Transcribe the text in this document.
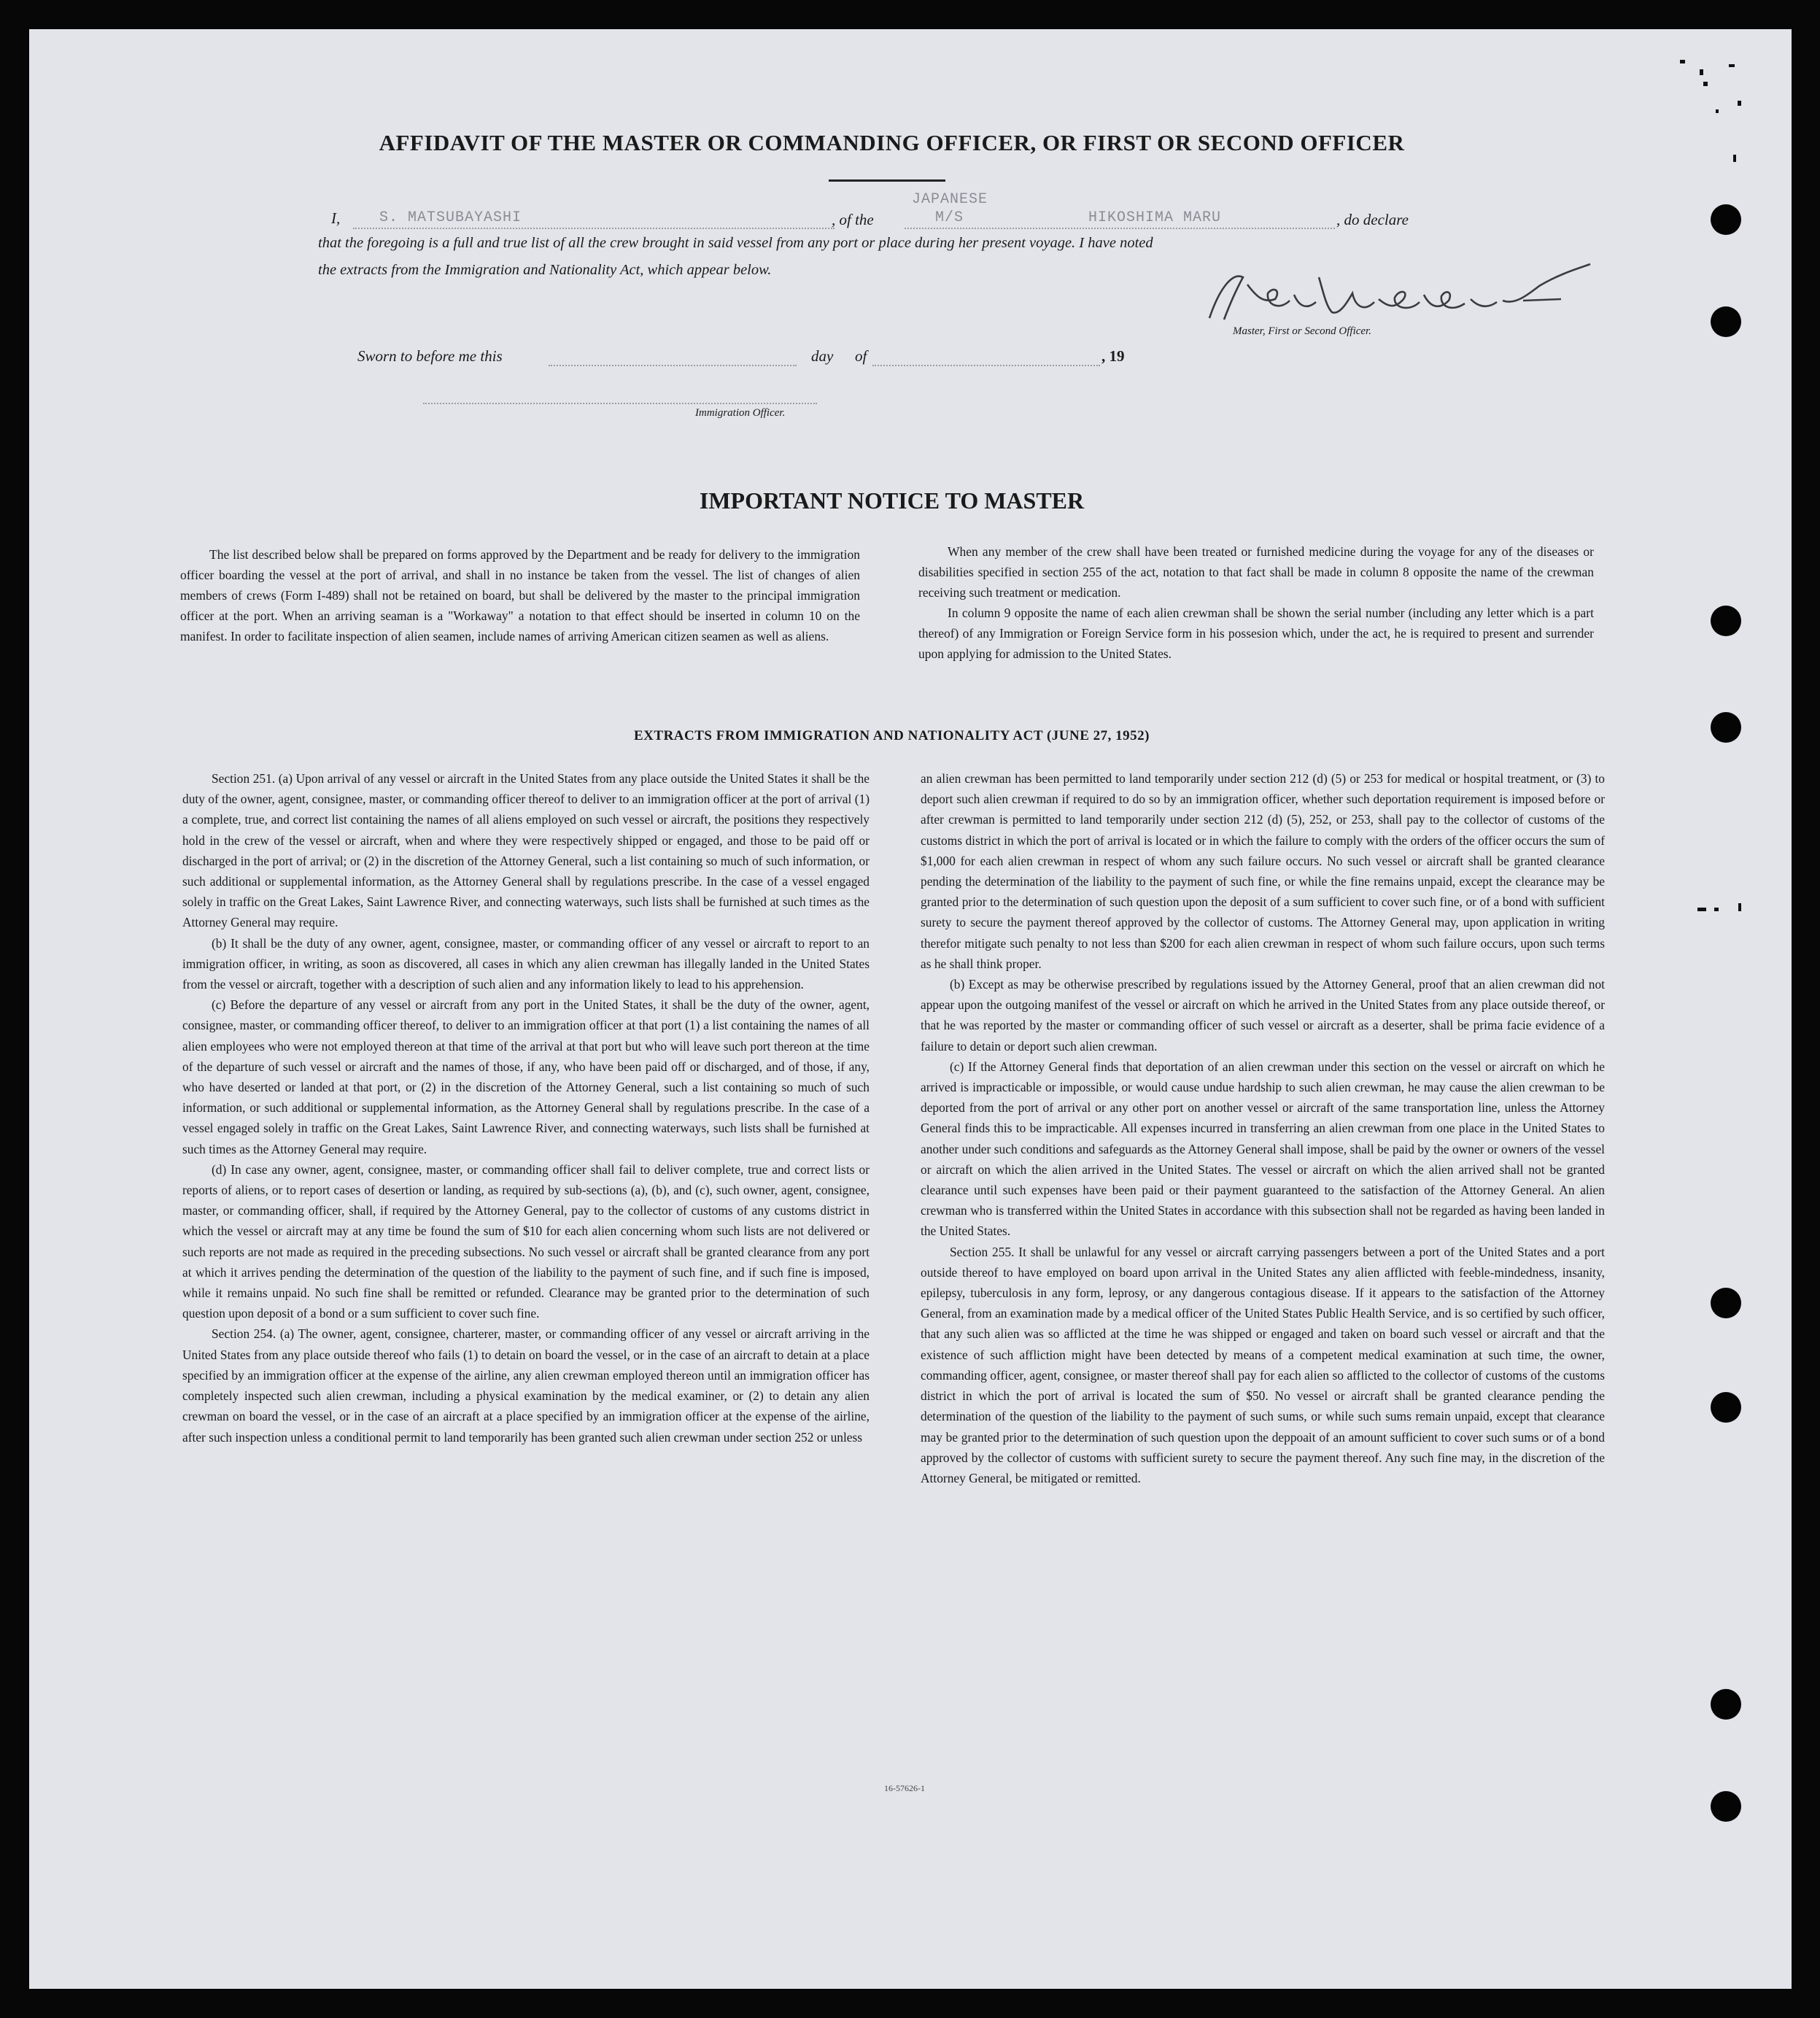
AFFIDAVIT OF THE MASTER OR COMMANDING OFFICER, OR FIRST OR SECOND OFFICER
I,	S. MATSUBAYASHI	, of the
JAPANESE
M/S	HIKOSHIMA MARU	, do declare
that the foregoing is a full and true list of all the crew brought in said vessel from any port or place during her present voyage. I have noted
the extracts from the Immigration and Nationality Act, which appear below.
Master, First or Second Officer.
Sworn to before me this	day of	, 19
Immigration Officer.
IMPORTANT NOTICE TO MASTER

The list described below shall be prepared on forms approved by the Department and be ready for delivery to the immigration officer boarding the vessel at the port of arrival, and shall in no instance be taken from the vessel. The list of changes of alien members of crews (Form I-489) shall not be retained on board, but shall be delivered by the master to the principal immigration officer at the port. When an arriving seaman is a "Workaway" a notation to that effect should be inserted in column 10 on the manifest. In order to facilitate inspection of alien seamen, include names of arriving American citizen seamen as well as aliens.

When any member of the crew shall have been treated or furnished medicine during the voyage for any of the diseases or disabilities specified in section 255 of the act, notation to that fact shall be made in column 8 opposite the name of the crewman receiving such treatment or medication.

In column 9 opposite the name of each alien crewman shall be shown the serial number (including any letter which is a part thereof) of any Immigration or Foreign Service form in his possesion which, under the act, he is required to present and surrender upon applying for admission to the United States.

EXTRACTS FROM IMMIGRATION AND NATIONALITY ACT (JUNE 27, 1952)

Section 251. (a) Upon arrival of any vessel or aircraft in the United States from any place outside the United States it shall be the duty of the owner, agent, consignee, master, or commanding officer thereof to deliver to an immigration officer at the port of arrival (1) a complete, true, and correct list containing the names of all aliens employed on such vessel or aircraft, the positions they respectively hold in the crew of the vessel or aircraft, when and where they were respectively shipped or engaged, and those to be paid off or discharged in the port of arrival; or (2) in the discretion of the Attorney General, such a list containing so much of such information, or such additional or supplemental information, as the Attorney General shall by regulations prescribe. In the case of a vessel engaged solely in traffic on the Great Lakes, Saint Lawrence River, and connecting waterways, such lists shall be furnished at such times as the Attorney General may require.

(b) It shall be the duty of any owner, agent, consignee, master, or commanding officer of any vessel or aircraft to report to an immigration officer, in writing, as soon as discovered, all cases in which any alien crewman has illegally landed in the United States from the vessel or aircraft, together with a description of such alien and any information likely to lead to his apprehension.

(c) Before the departure of any vessel or aircraft from any port in the United States, it shall be the duty of the owner, agent, consignee, master, or commanding officer thereof, to deliver to an immigration officer at that port (1) a list containing the names of all alien employees who were not employed thereon at that time of the arrival at that port but who will leave such port thereon at the time of the departure of such vessel or aircraft and the names of those, if any, who have been paid off or discharged, and of those, if any, who have deserted or landed at that port, or (2) in the discretion of the Attorney General, such a list containing so much of such information, or such additional or supplemental information, as the Attorney General shall by regulations prescribe. In the case of a vessel engaged solely in traffic on the Great Lakes, Saint Lawrence River, and connecting waterways, such lists shall be furnished at such times as the Attorney General may require.

(d) In case any owner, agent, consignee, master, or commanding officer shall fail to deliver complete, true and correct lists or reports of aliens, or to report cases of desertion or landing, as required by sub-sections (a), (b), and (c), such owner, agent, consignee, master, or commanding officer, shall, if required by the Attorney General, pay to the collector of customs of any customs district in which the vessel or aircraft may at any time be found the sum of $10 for each alien concerning whom such lists are not delivered or such reports are not made as required in the preceding subsections. No such vessel or aircraft shall be granted clearance from any port at which it arrives pending the determination of the question of the liability to the payment of such fine, and if such fine is imposed, while it remains unpaid. No such fine shall be remitted or refunded. Clearance may be granted prior to the determination of such question upon deposit of a bond or a sum sufficient to cover such fine.

Section 254. (a) The owner, agent, consignee, charterer, master, or commanding officer of any vessel or aircraft arriving in the United States from any place outside thereof who fails (1) to detain on board the vessel, or in the case of an aircraft to detain at a place specified by an immigration officer at the expense of the airline, any alien crewman employed thereon until an immigration officer has completely inspected such alien crewman, including a physical examination by the medical examiner, or (2) to detain any alien crewman on board the vessel, or in the case of an aircraft at a place specified by an immigration officer at the expense of the airline, after such inspection unless a conditional permit to land temporarily has been granted such alien crewman under section 252 or unless

an alien crewman has been permitted to land temporarily under section 212 (d) (5) or 253 for medical or hospital treatment, or (3) to deport such alien crewman if required to do so by an immigration officer, whether such deportation requirement is imposed before or after crewman is permitted to land temporarily under section 212 (d) (5), 252, or 253, shall pay to the collector of customs of the customs district in which the port of arrival is located or in which the failure to comply with the orders of the officer occurs the sum of $1,000 for each alien crewman in respect of whom any such failure occurs. No such vessel or aircraft shall be granted clearance pending the determination of the liability to the payment of such fine, or while the fine remains unpaid, except the clearance may be granted prior to the determination of such question upon the deposit of a sum sufficient to cover such fine, or of a bond with sufficient surety to secure the payment thereof approved by the collector of customs. The Attorney General may, upon application in writing therefor mitigate such penalty to not less than $200 for each alien crewman in respect of whom such failure occurs, upon such terms as he shall think proper.

(b) Except as may be otherwise prescribed by regulations issued by the Attorney General, proof that an alien crewman did not appear upon the outgoing manifest of the vessel or aircraft on which he arrived in the United States from any place outside thereof, or that he was reported by the master or commanding officer of such vessel or aircraft as a deserter, shall be prima facie evidence of a failure to detain or deport such alien crewman.

(c) If the Attorney General finds that deportation of an alien crewman under this section on the vessel or aircraft on which he arrived is impracticable or impossible, or would cause undue hardship to such alien crewman, he may cause the alien crewman to be deported from the port of arrival or any other port on another vessel or aircraft of the same transportation line, unless the Attorney General finds this to be impracticable. All expenses incurred in transferring an alien crewman from one place in the United States to another under such conditions and safeguards as the Attorney General shall impose, shall be paid by the owner or owners of the vessel or aircraft on which the alien arrived in the United States. The vessel or aircraft on which the alien arrived shall not be granted clearance until such expenses have been paid or their payment guaranteed to the satisfaction of the Attorney General. An alien crewman who is transferred within the United States in accordance with this subsection shall not be regarded as having been landed in the United States.

Section 255. It shall be unlawful for any vessel or aircraft carrying passengers between a port of the United States and a port outside thereof to have employed on board upon arrival in the United States any alien afflicted with feeble-mindedness, insanity, epilepsy, tuberculosis in any form, leprosy, or any dangerous contagious disease. If it appears to the satisfaction of the Attorney General, from an examination made by a medical officer of the United States Public Health Service, and is so certified by such officer, that any such alien was so afflicted at the time he was shipped or engaged and taken on board such vessel or aircraft and that the existence of such affliction might have been detected by means of a competent medical examination at such time, the owner, commanding officer, agent, consignee, or master thereof shall pay for each alien so afflicted to the collector of customs of the customs district in which the port of arrival is located the sum of $50. No vessel or aircraft shall be granted clearance pending the determination of the question of the liability to the payment of such sums, or while such sums remain unpaid, except that clearance may be granted prior to the determination of such question upon the deppoait of an amount sufficient to cover such sums or of a bond approved by the collector of customs with sufficient surety to secure the payment thereof. Any such fine may, in the discretion of the Attorney General, be mitigated or remitted.

16-57626-1
